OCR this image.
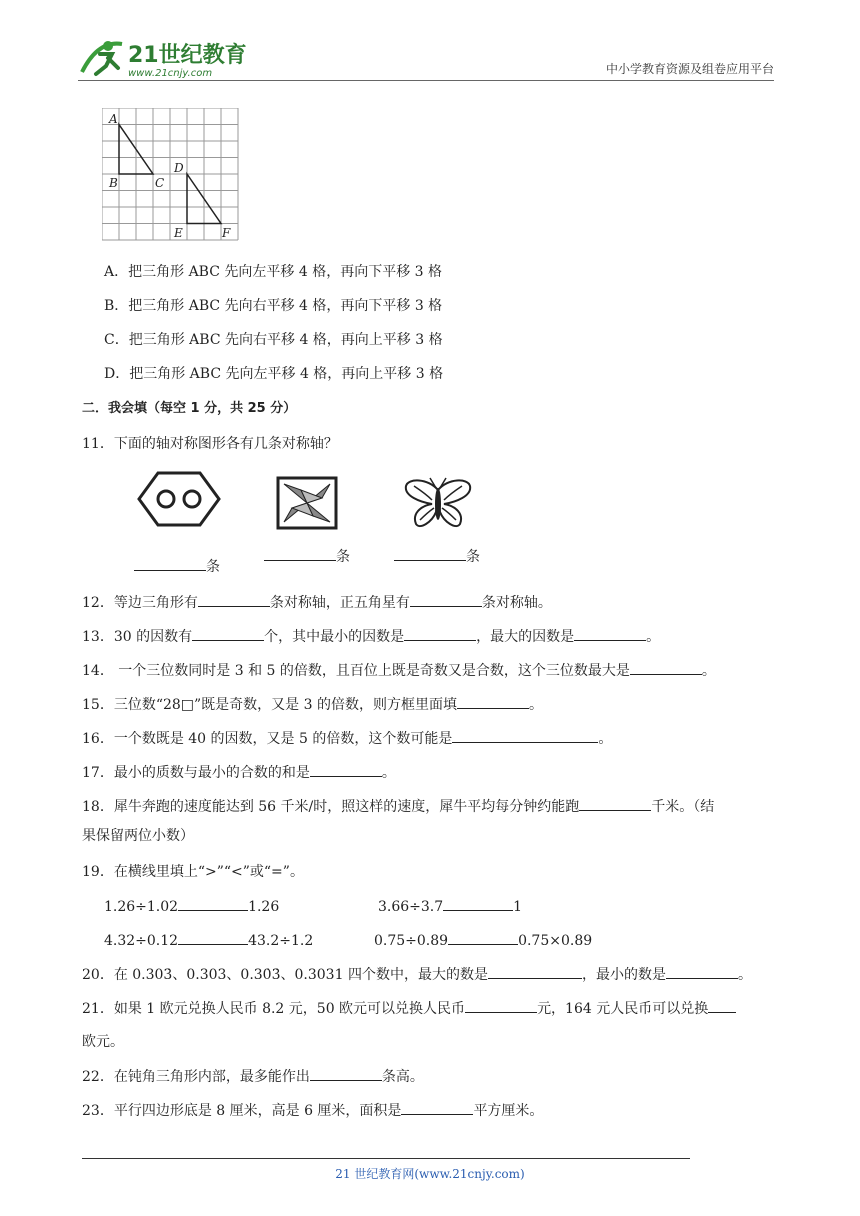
21世纪教育
www.21cnjy.com	中小学教育资源及组卷应用平台
A
B	C
D
E	F
A．把三角形 ABC 先向左平移 4 格，再向下平移 3 格
B．把三角形 ABC 先向右平移 4 格，再向下平移 3 格
C．把三角形 ABC 先向右平移 4 格，再向上平移 3 格
D．把三角形 ABC 先向左平移 4 格，再向上平移 3 格
二．我会填（每空 1 分，共 25 分）
11．下面的轴对称图形各有几条对称轴？
条
条	条
12．等边三角形有	条对称轴，正五角星有	条对称轴。
13．30 的因数有	个，其中最小的因数是	，最大的因数是	。
14． 一个三位数同时是 3 和 5 的倍数，且百位上既是奇数又是合数，这个三位数最大是	。
15．三位数“28□”既是奇数，又是 3 的倍数，则方框里面填	。
16．一个数既是 40 的因数，又是 5 的倍数，这个数可能是	。
17．最小的质数与最小的合数的和是	。
18．犀牛奔跑的速度能达到 56 千米/时，照这样的速度，犀牛平均每分钟约能跑	千米。（结
果保留两位小数）
19．在横线里填上“>”“<”或“=”。
1.26÷1.02	1.26	3.66÷3.7	1
4.32÷0.12	43.2÷1.2	0.75÷0.89	0.75×0.89
20．在 0.303̇、0.303、0.30̇3̇、0.3031 四个数中，最大的数是	，最小的数是	。
21．如果 1 欧元兑换人民币 8.2 元，50 欧元可以兑换人民币	元，164 元人民币可以兑换
欧元。
22．在钝角三角形内部，最多能作出	条高。
23．平行四边形底是 8 厘米，高是 6 厘米，面积是	平方厘米。
21 世纪教育网(www.21cnjy.com)
